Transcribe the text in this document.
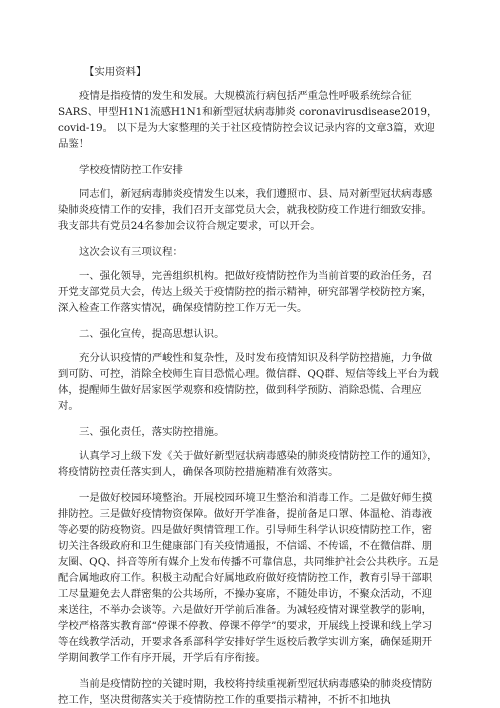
【实用资料】

疫情是指疫情的发生和发展。大规模流行病包括严重急性呼吸系统综合征SARS、甲型H1N1流感H1N1和新型冠状病毒肺炎 coronavirusdisease2019，covid-19。 以下是为大家整理的关于社区疫情防控会议记录内容的文章3篇，欢迎品鉴！

学校疫情防控工作安排

同志们，新冠病毒肺炎疫情发生以来，我们遵照市、县、局对新型冠状病毒感染肺炎疫情工作的安排，我们召开支部党员大会，就我校防疫工作进行细致安排。我支部共有党员24名参加会议符合规定要求，可以开会。

这次会议有三项议程：

一、强化领导，完善组织机构。把做好疫情防控作为当前首要的政治任务，召开党支部党员大会，传达上级关于疫情防控的指示精神，研究部署学校防控方案，深入检查工作落实情况，确保疫情防控工作万无一失。

二、强化宣传，提高思想认识。

充分认识疫情的严峻性和复杂性，及时发布疫情知识及科学防控措施，力争做到可防、可控，消除全校师生盲目恐慌心理。微信群、QQ群、短信等线上平台为载体，提醒师生做好居家医学观察和疫情防控，做到科学预防、消除恐慌、合理应对。

三、强化责任，落实防控措施。

认真学习上级下发《关于做好新型冠状病毒感染的肺炎疫情防控工作的通知》，将疫情防控责任落实到人，确保各项防控措施精准有效落实。

一是做好校园环境整治。开展校园环境卫生整治和消毒工作。二是做好师生摸排防控。三是做好疫情物资保障。做好开学准备，提前备足口罩、体温枪、消毒液等必要的防疫物资。四是做好舆情管理工作。引导师生科学认识疫情防控工作，密切关注各级政府和卫生健康部门有关疫情通报，不信谣、不传谣，不在微信群、朋友圈、QQ、抖音等所有媒介上发布传播不可靠信息，共同维护社会公共秩序。五是配合属地政府工作。积极主动配合好属地政府做好疫情防控工作，教育引导干部职工尽量避免去人群密集的公共场所，不操办宴席，不随处串访，不聚众活动，不迎来送往，不举办会谈等。六是做好开学前后准备。为减轻疫情对课堂教学的影响，学校严格落实教育部“停课不停教、停课不停学”的要求，开展线上授课和线上学习等在线教学活动，开要求各系部科学安排好学生返校后教学实训方案，确保延期开学期间教学工作有序开展，开学后有序衔接。

当前是疫情防控的关键时期，我校将持续重视新型冠状病毒感染的肺炎疫情防控工作，坚决贯彻落实关于疫情防控工作的重要指示精神，不折不扣地执
